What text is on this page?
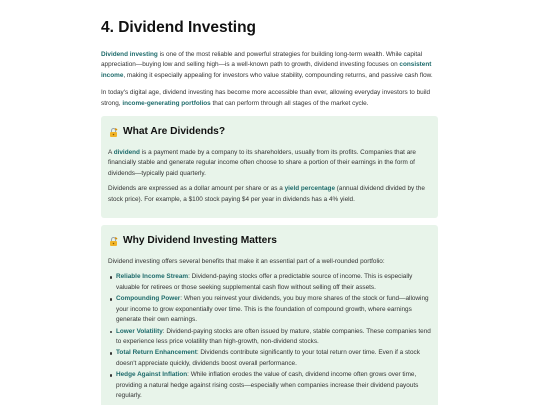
4. Dividend Investing

Dividend investing is one of the most reliable and powerful strategies for building long-term wealth. While capital appreciation—buying low and selling high—is a well-known path to growth, dividend investing focuses on consistent income, making it especially appealing for investors who value stability, compounding returns, and passive cash flow.

In today's digital age, dividend investing has become more accessible than ever, allowing everyday investors to build strong, income-generating portfolios that can perform through all stages of the market cycle.

What Are Dividends?

A dividend is a payment made by a company to its shareholders, usually from its profits. Companies that are financially stable and generate regular income often choose to share a portion of their earnings in the form of dividends—typically paid quarterly.

Dividends are expressed as a dollar amount per share or as a yield percentage (annual dividend divided by the stock price). For example, a $100 stock paying $4 per year in dividends has a 4% yield.

Why Dividend Investing Matters

Dividend investing offers several benefits that make it an essential part of a well-rounded portfolio:

Reliable Income Stream: Dividend-paying stocks offer a predictable source of income. This is especially valuable for retirees or those seeking supplemental cash flow without selling off their assets.
Compounding Power: When you reinvest your dividends, you buy more shares of the stock or fund—allowing your income to grow exponentially over time. This is the foundation of compound growth, where earnings generate their own earnings.
Lower Volatility: Dividend-paying stocks are often issued by mature, stable companies. These companies tend to experience less price volatility than high-growth, non-dividend stocks.
Total Return Enhancement: Dividends contribute significantly to your total return over time. Even if a stock doesn't appreciate quickly, dividends boost overall performance.
Hedge Against Inflation: While inflation erodes the value of cash, dividend income often grows over time, providing a natural hedge against rising costs—especially when companies increase their dividend payouts regularly.
